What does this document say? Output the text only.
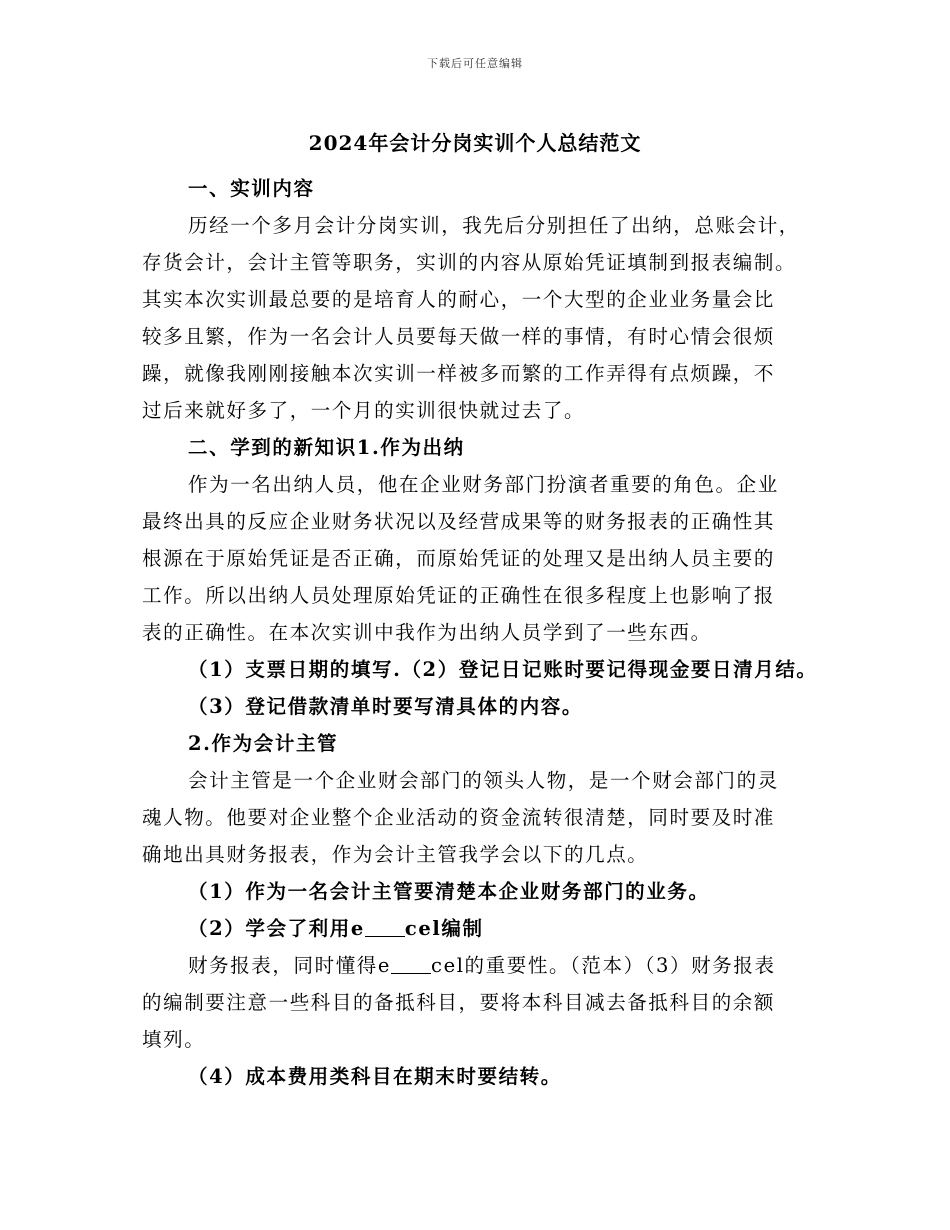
下载后可任意编辑
2024年会计分岗实训个人总结范文
一、实训内容
历经一个多月会计分岗实训，我先后分别担任了出纳，总账会计，
存货会计，会计主管等职务，实训的内容从原始凭证填制到报表编制。
其实本次实训最总要的是培育人的耐心，一个大型的企业业务量会比
较多且繁，作为一名会计人员要每天做一样的事情，有时心情会很烦
躁，就像我刚刚接触本次实训一样被多而繁的工作弄得有点烦躁，不
过后来就好多了，一个月的实训很快就过去了。
二、学到的新知识1.作为出纳
作为一名出纳人员，他在企业财务部门扮演者重要的角色。企业
最终出具的反应企业财务状况以及经营成果等的财务报表的正确性其
根源在于原始凭证是否正确，而原始凭证的处理又是出纳人员主要的
工作。所以出纳人员处理原始凭证的正确性在很多程度上也影响了报
表的正确性。在本次实训中我作为出纳人员学到了一些东西。
（1）支票日期的填写.（2）登记日记账时要记得现金要日清月结。
（3）登记借款清单时要写清具体的内容。
2.作为会计主管
会计主管是一个企业财会部门的领头人物，是一个财会部门的灵
魂人物。他要对企业整个企业活动的资金流转很清楚，同时要及时准
确地出具财务报表，作为会计主管我学会以下的几点。
（1）作为一名会计主管要清楚本企业财务部门的业务。
（2）学会了利用e cel编制
财务报表，同时懂得e cel的重要性。（范本）（3）财务报表
的编制要注意一些科目的备抵科目，要将本科目减去备抵科目的余额
填列。
（4）成本费用类科目在期末时要结转。
